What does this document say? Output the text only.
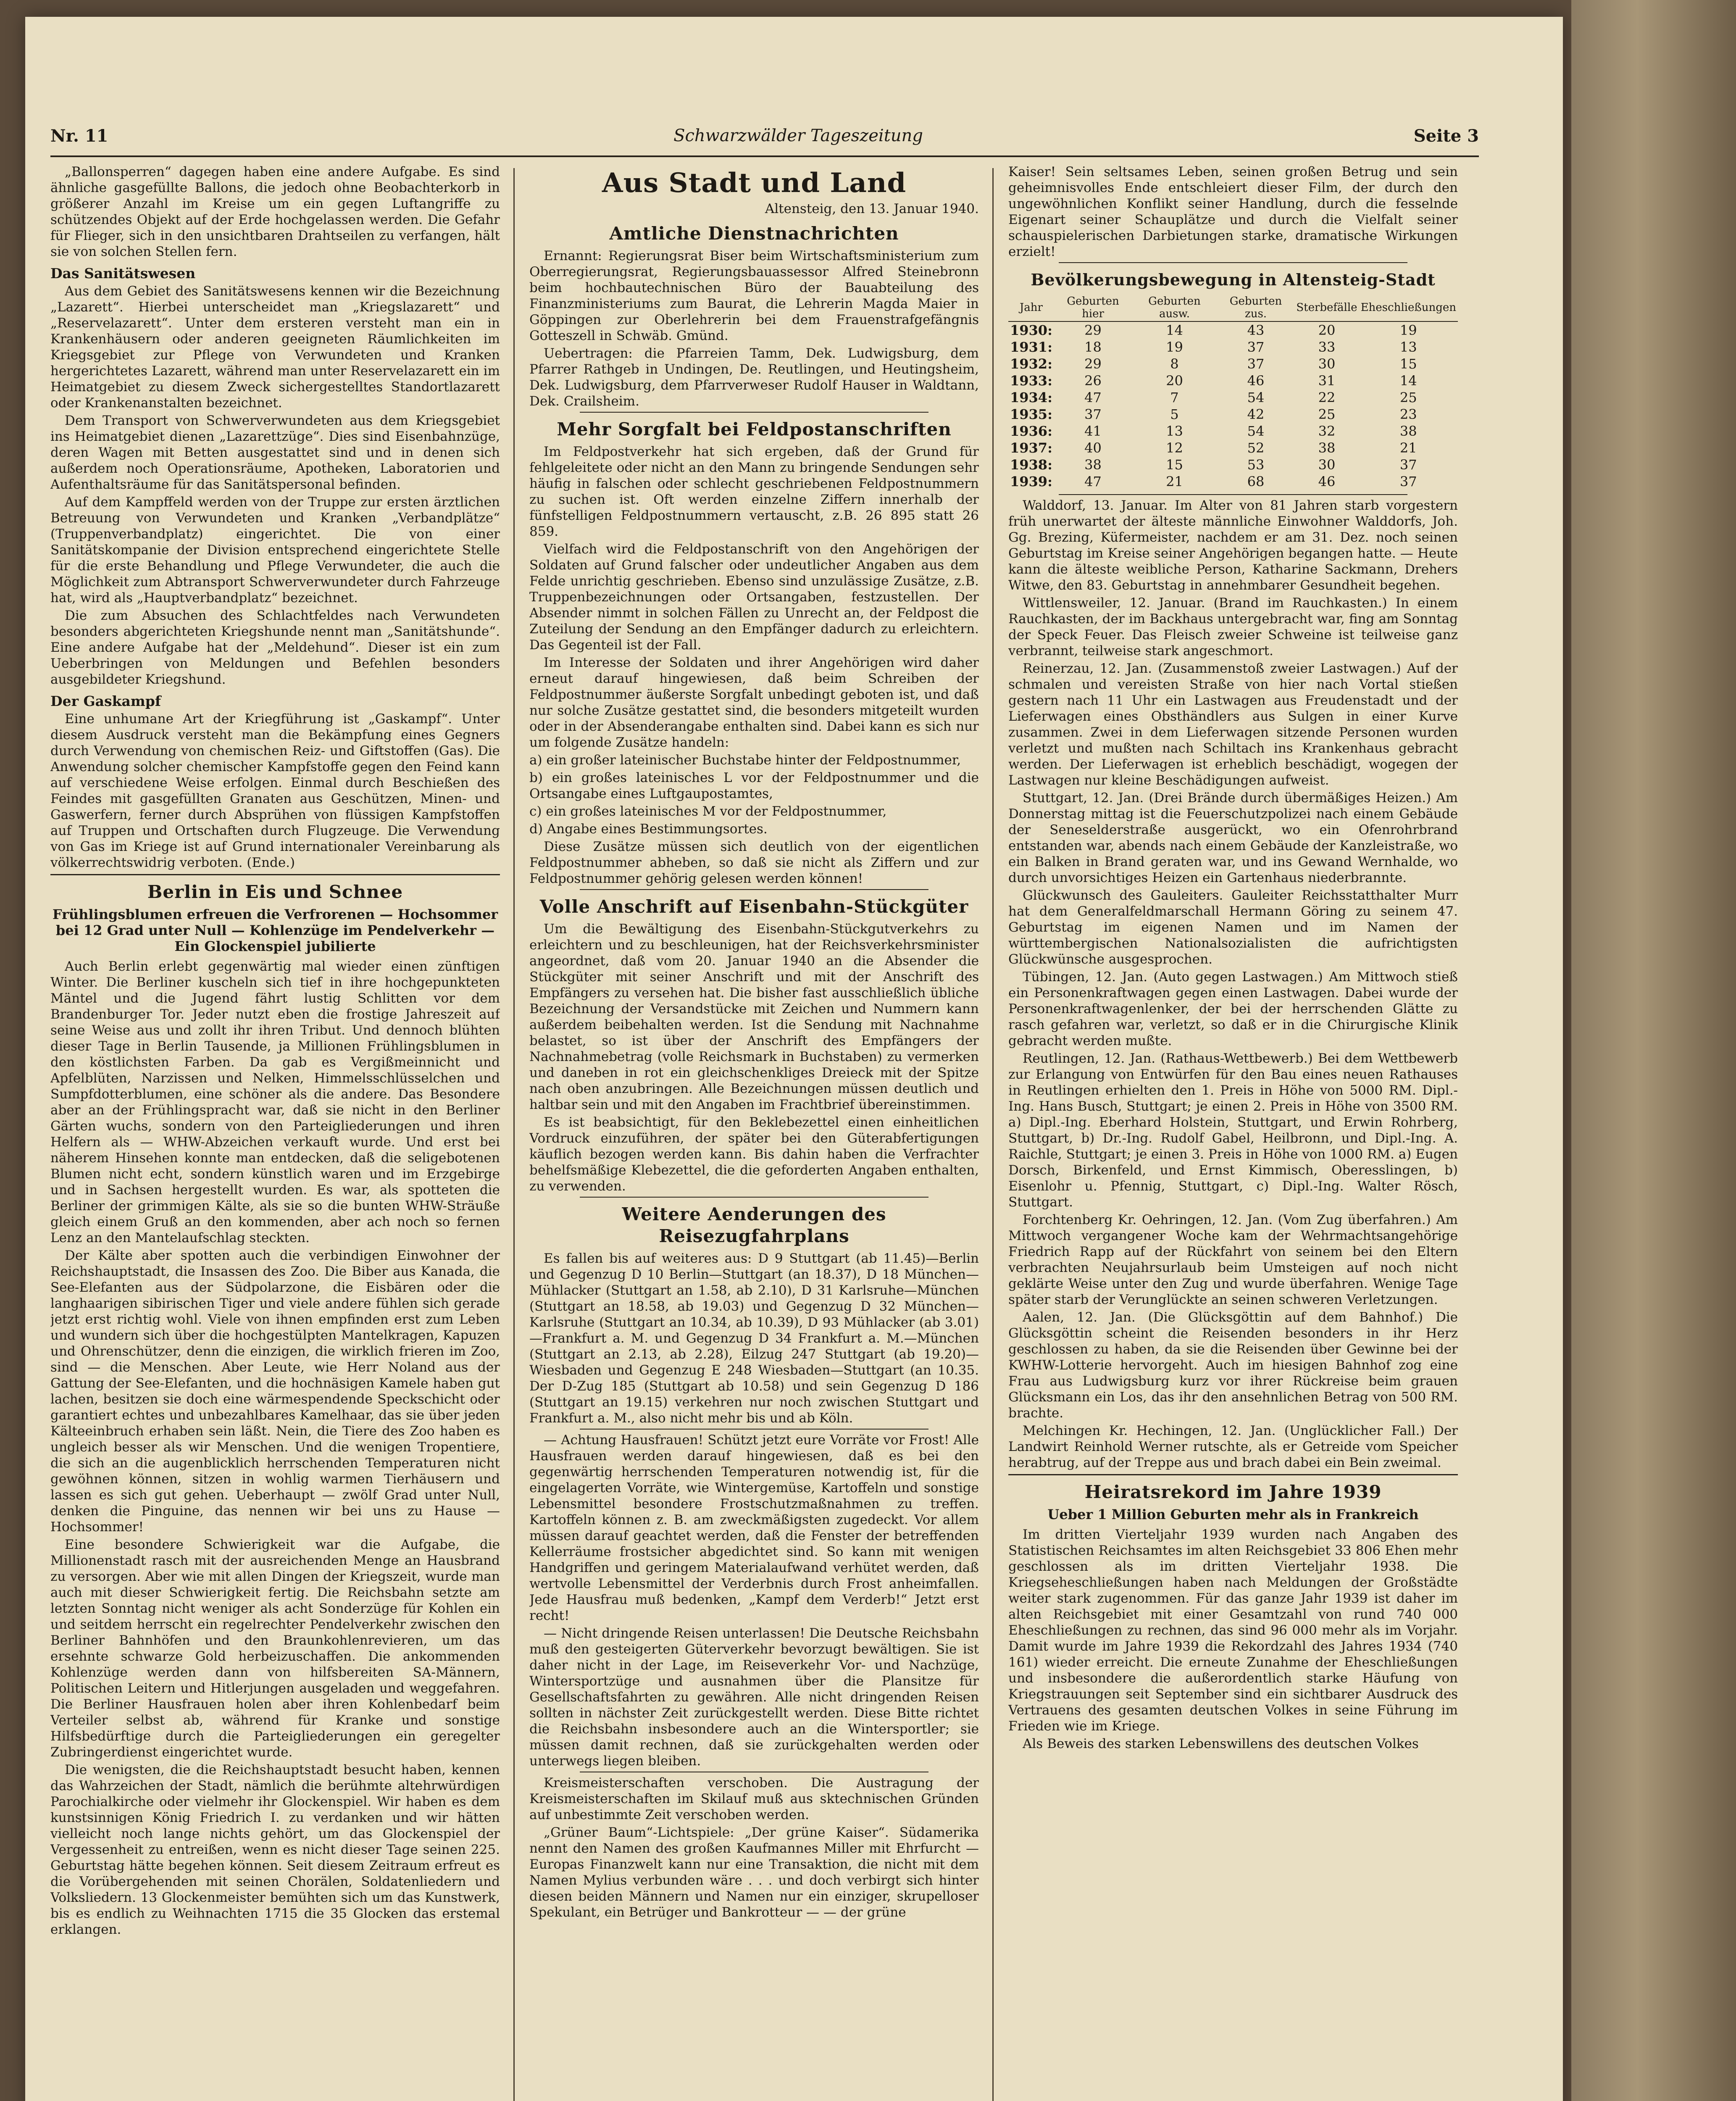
Nr. 11	Schwarzwälder Tageszeitung	Seite 3

„Ballonsperren“ dagegen haben eine andere Aufgabe. Es sind ähnliche gasgefüllte Ballons, die jedoch ohne Beobachterkorb in größerer Anzahl im Kreise um ein gegen Luftangriffe zu schützendes Objekt auf der Erde hochgelassen werden. Die Gefahr für Flieger, sich in den unsichtbaren Drahtseilen zu verfangen, hält sie von solchen Stellen fern.

Das Sanitätswesen

Aus dem Gebiet des Sanitätswesens kennen wir die Bezeichnung „Lazarett“. Hierbei unterscheidet man „Kriegslazarett“ und „Reservelazarett“. Unter dem ersteren versteht man ein in Krankenhäusern oder anderen geeigneten Räumlichkeiten im Kriegsgebiet zur Pflege von Verwundeten und Kranken hergerichtetes Lazarett, während man unter Reservelazarett ein im Heimatgebiet zu diesem Zweck sichergestelltes Standortlazarett oder Krankenanstalten bezeichnet.

Dem Transport von Schwerverwundeten aus dem Kriegsgebiet ins Heimatgebiet dienen „Lazarettzüge“. Dies sind Eisenbahnzüge, deren Wagen mit Betten ausgestattet sind und in denen sich außerdem noch Operationsräume, Apotheken, Laboratorien und Aufenthaltsräume für das Sanitätspersonal befinden.

Auf dem Kampffeld werden von der Truppe zur ersten ärztlichen Betreuung von Verwundeten und Kranken „Verbandplätze“ (Truppenverbandplatz) eingerichtet. Die von einer Sanitätskompanie der Division entsprechend eingerichtete Stelle für die erste Behandlung und Pflege Verwundeter, die auch die Möglichkeit zum Abtransport Schwerverwundeter durch Fahrzeuge hat, wird als „Hauptverbandplatz“ bezeichnet.

Die zum Absuchen des Schlachtfeldes nach Verwundeten besonders abgerichteten Kriegshunde nennt man „Sanitätshunde“. Eine andere Aufgabe hat der „Meldehund“. Dieser ist ein zum Ueberbringen von Meldungen und Befehlen besonders ausgebildeter Kriegshund.

Der Gaskampf

Eine unhumane Art der Kriegführung ist „Gaskampf“. Unter diesem Ausdruck versteht man die Bekämpfung eines Gegners durch Verwendung von chemischen Reiz- und Giftstoffen (Gas). Die Anwendung solcher chemischer Kampfstoffe gegen den Feind kann auf verschiedene Weise erfolgen. Einmal durch Beschießen des Feindes mit gasgefüllten Granaten aus Geschützen, Minen- und Gaswerfern, ferner durch Absprühen von flüssigen Kampfstoffen auf Truppen und Ortschaften durch Flugzeuge. Die Verwendung von Gas im Kriege ist auf Grund internationaler Vereinbarung als völkerrechtswidrig verboten. (Ende.)

Berlin in Eis und Schnee
Frühlingsblumen erfreuen die Verfrorenen — Hochsommer bei 12 Grad unter Null — Kohlenzüge im Pendelverkehr — Ein Glockenspiel jubilierte

Auch Berlin erlebt gegenwärtig mal wieder einen zünftigen Winter. Die Berliner kuscheln sich tief in ihre hochgepunkteten Mäntel und die Jugend fährt lustig Schlitten vor dem Brandenburger Tor. Jeder nutzt eben die frostige Jahreszeit auf seine Weise aus und zollt ihr ihren Tribut. Und dennoch blühten dieser Tage in Berlin Tausende, ja Millionen Frühlingsblumen in den köstlichsten Farben. Da gab es Vergißmeinnicht und Apfelblüten, Narzissen und Nelken, Himmelsschlüsselchen und Sumpfdotterblumen, eine schöner als die andere. Das Besondere aber an der Frühlingspracht war, daß sie nicht in den Berliner Gärten wuchs, sondern von den Parteigliederungen und ihren Helfern als — WHW-Abzeichen verkauft wurde. Und erst bei näherem Hinsehen konnte man entdecken, daß die seligebotenen Blumen nicht echt, sondern künstlich waren und im Erzgebirge und in Sachsen hergestellt wurden. Es war, als spotteten die Berliner der grimmigen Kälte, als sie so die bunten WHW-Sträuße gleich einem Gruß an den kommenden, aber ach noch so fernen Lenz an den Mantelaufschlag steckten.

Der Kälte aber spotten auch die verbindigen Einwohner der Reichshauptstadt, die Insassen des Zoo. Die Biber aus Kanada, die See-Elefanten aus der Südpolarzone, die Eisbären oder die langhaarigen sibirischen Tiger und viele andere fühlen sich gerade jetzt erst richtig wohl. Viele von ihnen empfinden erst zum Leben und wundern sich über die hochgestülpten Mantelkragen, Kapuzen und Ohrenschützer, denn die einzigen, die wirklich frieren im Zoo, sind — die Menschen. Aber Leute, wie Herr Noland aus der Gattung der See-Elefanten, und die hochnäsigen Kamele haben gut lachen, besitzen sie doch eine wärmespendende Speckschicht oder garantiert echtes und unbezahlbares Kamelhaar, das sie über jeden Kälteeinbruch erhaben sein läßt. Nein, die Tiere des Zoo haben es ungleich besser als wir Menschen. Und die wenigen Tropentiere, die sich an die augenblicklich herrschenden Temperaturen nicht gewöhnen können, sitzen in wohlig warmen Tierhäusern und lassen es sich gut gehen. Ueberhaupt — zwölf Grad unter Null, denken die Pinguine, das nennen wir bei uns zu Hause — Hochsommer!

Eine besondere Schwierigkeit war die Aufgabe, die Millionenstadt rasch mit der ausreichenden Menge an Hausbrand zu versorgen. Aber wie mit allen Dingen der Kriegszeit, wurde man auch mit dieser Schwierigkeit fertig. Die Reichsbahn setzte am letzten Sonntag nicht weniger als acht Sonderzüge für Kohlen ein und seitdem herrscht ein regelrechter Pendelverkehr zwischen den Berliner Bahnhöfen und den Braunkohlenrevieren, um das ersehnte schwarze Gold herbeizuschaffen. Die ankommenden Kohlenzüge werden dann von hilfsbereiten SA-Männern, Politischen Leitern und Hitlerjungen ausgeladen und weggefahren. Die Berliner Hausfrauen holen aber ihren Kohlenbedarf beim Verteiler selbst ab, während für Kranke und sonstige Hilfsbedürftige durch die Parteigliederungen ein geregelter Zubringerdienst eingerichtet wurde.

Die wenigsten, die die Reichshauptstadt besucht haben, kennen das Wahrzeichen der Stadt, nämlich die berühmte altehrwürdigen Parochialkirche oder vielmehr ihr Glockenspiel. Wir haben es dem kunstsinnigen König Friedrich I. zu verdanken und wir hätten vielleicht noch lange nichts gehört, um das Glockenspiel der Vergessenheit zu entreißen, wenn es nicht dieser Tage seinen 225. Geburtstag hätte begehen können. Seit diesem Zeitraum erfreut es die Vorübergehenden mit seinen Chorälen, Soldatenliedern und Volksliedern. 13 Glockenmeister bemühten sich um das Kunstwerk, bis es endlich zu Weihnachten 1715 die 35 Glocken das erstemal erklangen.

Aus Stadt und Land
Altensteig, den 13. Januar 1940.
Amtliche Dienstnachrichten

Ernannt: Regierungsrat Biser beim Wirtschaftsministerium zum Oberregierungsrat, Regierungsbauassessor Alfred Steinebronn beim hochbautechnischen Büro der Bauabteilung des Finanzministeriums zum Baurat, die Lehrerin Magda Maier in Göppingen zur Oberlehrerin bei dem Frauenstrafgefängnis Gotteszell in Schwäb. Gmünd.

Uebertragen: die Pfarreien Tamm, Dek. Ludwigsburg, dem Pfarrer Rathgeb in Undingen, De. Reutlingen, und Heutingsheim, Dek. Ludwigsburg, dem Pfarrverweser Rudolf Hauser in Waldtann, Dek. Crailsheim.

Mehr Sorgfalt bei Feldpostanschriften

Im Feldpostverkehr hat sich ergeben, daß der Grund für fehlgeleitete oder nicht an den Mann zu bringende Sendungen sehr häufig in falschen oder schlecht geschriebenen Feldpostnummern zu suchen ist. Oft werden einzelne Ziffern innerhalb der fünfstelligen Feldpostnummern vertauscht, z.B. 26 895 statt 26 859.

Vielfach wird die Feldpostanschrift von den Angehörigen der Soldaten auf Grund falscher oder undeutlicher Angaben aus dem Felde unrichtig geschrieben. Ebenso sind unzulässige Zusätze, z.B. Truppenbezeichnungen oder Ortsangaben, festzustellen. Der Absender nimmt in solchen Fällen zu Unrecht an, der Feldpost die Zuteilung der Sendung an den Empfänger dadurch zu erleichtern. Das Gegenteil ist der Fall.

Im Interesse der Soldaten und ihrer Angehörigen wird daher erneut darauf hingewiesen, daß beim Schreiben der Feldpostnummer äußerste Sorgfalt unbedingt geboten ist, und daß nur solche Zusätze gestattet sind, die besonders mitgeteilt wurden oder in der Absenderangabe enthalten sind. Dabei kann es sich nur um folgende Zusätze handeln:

a) ein großer lateinischer Buchstabe hinter der Feldpostnummer,

b) ein großes lateinisches L vor der Feldpostnummer und die Ortsangabe eines Luftgaupostamtes,

c) ein großes lateinisches M vor der Feldpostnummer,

d) Angabe eines Bestimmungsortes.

Diese Zusätze müssen sich deutlich von der eigentlichen Feldpostnummer abheben, so daß sie nicht als Ziffern und zur Feldpostnummer gehörig gelesen werden können!

Volle Anschrift auf Eisenbahn-Stückgüter

Um die Bewältigung des Eisenbahn-Stückgutverkehrs zu erleichtern und zu beschleunigen, hat der Reichsverkehrsminister angeordnet, daß vom 20. Januar 1940 an die Absender die Stückgüter mit seiner Anschrift und mit der Anschrift des Empfängers zu versehen hat. Die bisher fast ausschließlich übliche Bezeichnung der Versandstücke mit Zeichen und Nummern kann außerdem beibehalten werden. Ist die Sendung mit Nachnahme belastet, so ist über der Anschrift des Empfängers der Nachnahmebetrag (volle Reichsmark in Buchstaben) zu vermerken und daneben in rot ein gleichschenkliges Dreieck mit der Spitze nach oben anzubringen. Alle Bezeichnungen müssen deutlich und haltbar sein und mit den Angaben im Frachtbrief übereinstimmen.

Es ist beabsichtigt, für den Beklebezettel einen einheitlichen Vordruck einzuführen, der später bei den Güterabfertigungen käuflich bezogen werden kann. Bis dahin haben die Verfrachter behelfsmäßige Klebezettel, die die geforderten Angaben enthalten, zu verwenden.

Weitere Aenderungen des Reisezugfahrplans

Es fallen bis auf weiteres aus: D 9 Stuttgart (ab 11.45)—Berlin und Gegenzug D 10 Berlin—Stuttgart (an 18.37), D 18 München—Mühlacker (Stuttgart an 1.58, ab 2.10), D 31 Karlsruhe—München (Stuttgart an 18.58, ab 19.03) und Gegenzug D 32 München—Karlsruhe (Stuttgart an 10.34, ab 10.39), D 93 Mühlacker (ab 3.01)—Frankfurt a. M. und Gegenzug D 34 Frankfurt a. M.—München (Stuttgart an 2.13, ab 2.28), Eilzug 247 Stuttgart (ab 19.20)—Wiesbaden und Gegenzug E 248 Wiesbaden—Stuttgart (an 10.35. Der D-Zug 185 (Stuttgart ab 10.58) und sein Gegenzug D 186 (Stuttgart an 19.15) verkehren nur noch zwischen Stuttgart und Frankfurt a. M., also nicht mehr bis und ab Köln.

— Achtung Hausfrauen! Schützt jetzt eure Vorräte vor Frost! Alle Hausfrauen werden darauf hingewiesen, daß es bei den gegenwärtig herrschenden Temperaturen notwendig ist, für die eingelagerten Vorräte, wie Wintergemüse, Kartoffeln und sonstige Lebensmittel besondere Frostschutzmaßnahmen zu treffen. Kartoffeln können z. B. am zweckmäßigsten zugedeckt. Vor allem müssen darauf geachtet werden, daß die Fenster der betreffenden Kellerräume frostsicher abgedichtet sind. So kann mit wenigen Handgriffen und geringem Materialaufwand verhütet werden, daß wertvolle Lebensmittel der Verderbnis durch Frost anheimfallen. Jede Hausfrau muß bedenken, „Kampf dem Verderb!“ Jetzt erst recht!

— Nicht dringende Reisen unterlassen! Die Deutsche Reichsbahn muß den gesteigerten Güterverkehr bevorzugt bewältigen. Sie ist daher nicht in der Lage, im Reiseverkehr Vor- und Nachzüge, Wintersportzüge und ausnahmen über die Plansitze für Gesellschaftsfahrten zu gewähren. Alle nicht dringenden Reisen sollten in nächster Zeit zurückgestellt werden. Diese Bitte richtet die Reichsbahn insbesondere auch an die Wintersportler; sie müssen damit rechnen, daß sie zurückgehalten werden oder unterwegs liegen bleiben.

Kreismeisterschaften verschoben. Die Austragung der Kreismeisterschaften im Skilauf muß aus sktechnischen Gründen auf unbestimmte Zeit verschoben werden.

„Grüner Baum“-Lichtspiele: „Der grüne Kaiser“. Südamerika nennt den Namen des großen Kaufmannes Miller mit Ehrfurcht — Europas Finanzwelt kann nur eine Transaktion, die nicht mit dem Namen Mylius verbunden wäre . . . und doch verbirgt sich hinter diesen beiden Männern und Namen nur ein einziger, skrupelloser Spekulant, ein Betrüger und Bankrotteur — — der grüne

Kaiser! Sein seltsames Leben, seinen großen Betrug und sein geheimnisvolles Ende entschleiert dieser Film, der durch den ungewöhnlichen Konflikt seiner Handlung, durch die fesselnde Eigenart seiner Schauplätze und durch die Vielfalt seiner schauspielerischen Darbietungen starke, dramatische Wirkungen erzielt!

Bevölkerungsbewegung in Altensteig-Stadt
Jahr	Geburten hier	Geburten ausw.	Geburten zus.	Sterbefälle	Eheschließungen
1930:	29	14	43	20	19
1931:	18	19	37	33	13
1932:	29	8	37	30	15
1933:	26	20	46	31	14
1934:	47	7	54	22	25
1935:	37	5	42	25	23
1936:	41	13	54	32	38
1937:	40	12	52	38	21
1938:	38	15	53	30	37
1939:	47	21	68	46	37

Walddorf, 13. Januar. Im Alter von 81 Jahren starb vorgestern früh unerwartet der älteste männliche Einwohner Walddorfs, Joh. Gg. Brezing, Küfermeister, nachdem er am 31. Dez. noch seinen Geburtstag im Kreise seiner Angehörigen begangen hatte. — Heute kann die älteste weibliche Person, Katharine Sackmann, Drehers Witwe, den 83. Geburtstag in annehmbarer Gesundheit begehen.

Wittlensweiler, 12. Januar. (Brand im Rauchkasten.) In einem Rauchkasten, der im Backhaus untergebracht war, fing am Sonntag der Speck Feuer. Das Fleisch zweier Schweine ist teilweise ganz verbrannt, teilweise stark angeschmort.

Reinerzau, 12. Jan. (Zusammenstoß zweier Lastwagen.) Auf der schmalen und vereisten Straße von hier nach Vortal stießen gestern nach 11 Uhr ein Lastwagen aus Freudenstadt und der Lieferwagen eines Obsthändlers aus Sulgen in einer Kurve zusammen. Zwei in dem Lieferwagen sitzende Personen wurden verletzt und mußten nach Schiltach ins Krankenhaus gebracht werden. Der Lieferwagen ist erheblich beschädigt, wogegen der Lastwagen nur kleine Beschädigungen aufweist.

Stuttgart, 12. Jan. (Drei Brände durch übermäßiges Heizen.) Am Donnerstag mittag ist die Feuerschutzpolizei nach einem Gebäude der Seneselderstraße ausgerückt, wo ein Ofenrohrbrand entstanden war, abends nach einem Gebäude der Kanzleistraße, wo ein Balken in Brand geraten war, und ins Gewand Wernhalde, wo durch unvorsichtiges Heizen ein Gartenhaus niederbrannte.

Glückwunsch des Gauleiters. Gauleiter Reichsstatthalter Murr hat dem Generalfeldmarschall Hermann Göring zu seinem 47. Geburtstag im eigenen Namen und im Namen der württembergischen Nationalsozialisten die aufrichtigsten Glückwünsche ausgesprochen.

Tübingen, 12. Jan. (Auto gegen Lastwagen.) Am Mittwoch stieß ein Personenkraftwagen gegen einen Lastwagen. Dabei wurde der Personenkraftwagenlenker, der bei der herrschenden Glätte zu rasch gefahren war, verletzt, so daß er in die Chirurgische Klinik gebracht werden mußte.

Reutlingen, 12. Jan. (Rathaus-Wettbewerb.) Bei dem Wettbewerb zur Erlangung von Entwürfen für den Bau eines neuen Rathauses in Reutlingen erhielten den 1. Preis in Höhe von 5000 RM. Dipl.-Ing. Hans Busch, Stuttgart; je einen 2. Preis in Höhe von 3500 RM. a) Dipl.-Ing. Eberhard Holstein, Stuttgart, und Erwin Rohrberg, Stuttgart, b) Dr.-Ing. Rudolf Gabel, Heilbronn, und Dipl.-Ing. A. Raichle, Stuttgart; je einen 3. Preis in Höhe von 1000 RM. a) Eugen Dorsch, Birkenfeld, und Ernst Kimmisch, Oberesslingen, b) Eisenlohr u. Pfennig, Stuttgart, c) Dipl.-Ing. Walter Rösch, Stuttgart.

Forchtenberg Kr. Oehringen, 12. Jan. (Vom Zug überfahren.) Am Mittwoch vergangener Woche kam der Wehrmachtsangehörige Friedrich Rapp auf der Rückfahrt von seinem bei den Eltern verbrachten Neujahrsurlaub beim Umsteigen auf noch nicht geklärte Weise unter den Zug und wurde überfahren. Wenige Tage später starb der Verunglückte an seinen schweren Verletzungen.

Aalen, 12. Jan. (Die Glücksgöttin auf dem Bahnhof.) Die Glücksgöttin scheint die Reisenden besonders in ihr Herz geschlossen zu haben, da sie die Reisenden über Gewinne bei der KWHW-Lotterie hervorgeht. Auch im hiesigen Bahnhof zog eine Frau aus Ludwigsburg kurz vor ihrer Rückreise beim grauen Glücksmann ein Los, das ihr den ansehnlichen Betrag von 500 RM. brachte.

Melchingen Kr. Hechingen, 12. Jan. (Unglücklicher Fall.) Der Landwirt Reinhold Werner rutschte, als er Getreide vom Speicher herabtrug, auf der Treppe aus und brach dabei ein Bein zweimal.

Heiratsrekord im Jahre 1939
Ueber 1 Million Geburten mehr als in Frankreich

Im dritten Vierteljahr 1939 wurden nach Angaben des Statistischen Reichsamtes im alten Reichsgebiet 33 806 Ehen mehr geschlossen als im dritten Vierteljahr 1938. Die Kriegseheschließungen haben nach Meldungen der Großstädte weiter stark zugenommen. Für das ganze Jahr 1939 ist daher im alten Reichsgebiet mit einer Gesamtzahl von rund 740 000 Eheschließungen zu rechnen, das sind 96 000 mehr als im Vorjahr. Damit wurde im Jahre 1939 die Rekordzahl des Jahres 1934 (740 161) wieder erreicht. Die erneute Zunahme der Eheschließungen und insbesondere die außerordentlich starke Häufung von Kriegstrauungen seit September sind ein sichtbarer Ausdruck des Vertrauens des gesamten deutschen Volkes in seine Führung im Frieden wie im Kriege.

Als Beweis des starken Lebenswillens des deutschen Volkes
